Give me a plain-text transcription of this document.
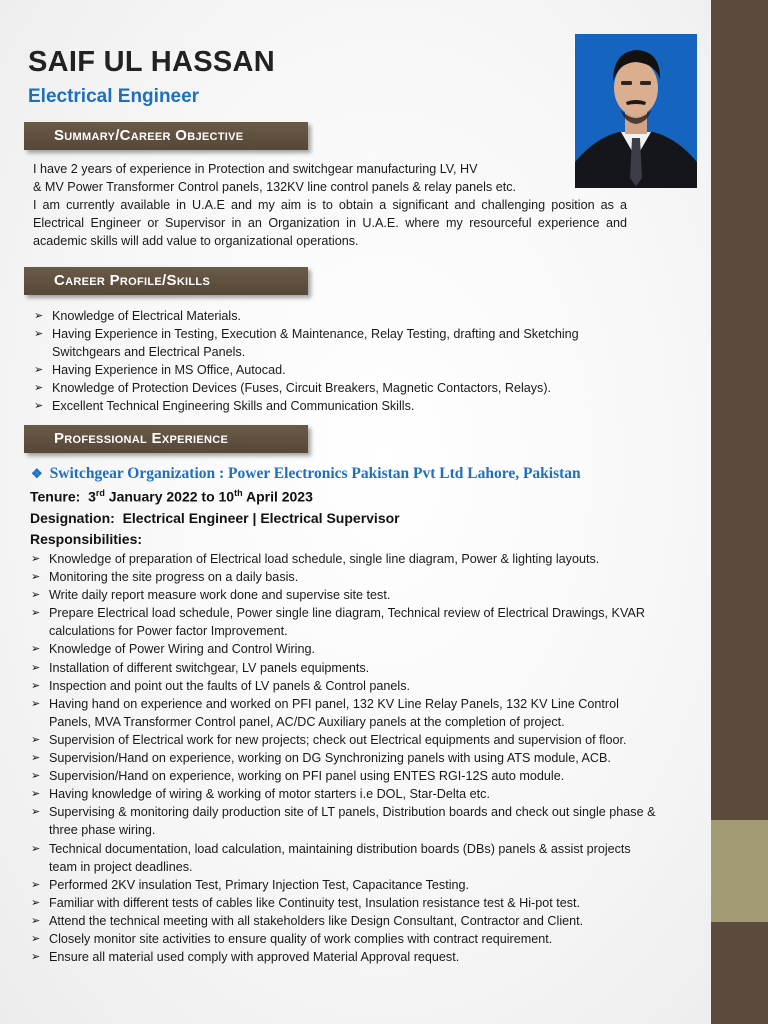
SAIF UL HASSAN
Electrical Engineer
Summary/Career Objective

I have 2 years of experience in Protection and switchgear manufacturing LV, HV

& MV Power Transformer Control panels, 132KV line control panels & relay panels etc.

I am currently available in U.A.E and my aim is to obtain a significant and challenging position as a Electrical Engineer or Supervisor in an Organization in U.A.E. where my resourceful experience and academic skills will add value to organizational operations.

Career Profile/Skills
➢ Knowledge of Electrical Materials.
➢ Having Experience in Testing, Execution & Maintenance, Relay Testing, drafting and Sketching Switchgears and Electrical Panels.
➢ Having Experience in MS Office, Autocad.
➢ Knowledge of Protection Devices (Fuses, Circuit Breakers, Magnetic Contactors, Relays).
➢ Excellent Technical Engineering Skills and Communication Skills.
Professional Experience
❖ Switchgear Organization : Power Electronics Pakistan Pvt Ltd Lahore, Pakistan
Tenure: 3rd January 2022 to 10th April 2023
Designation: Electrical Engineer | Electrical Supervisor
Responsibilities:
➢ Knowledge of preparation of Electrical load schedule, single line diagram, Power & lighting layouts.
➢ Monitoring the site progress on a daily basis.
➢ Write daily report measure work done and supervise site test.
➢ Prepare Electrical load schedule, Power single line diagram, Technical review of Electrical Drawings, KVAR calculations for Power factor Improvement.
➢ Knowledge of Power Wiring and Control Wiring.
➢ Installation of different switchgear, LV panels equipments.
➢ Inspection and point out the faults of LV panels & Control panels.
➢ Having hand on experience and worked on PFI panel, 132 KV Line Relay Panels, 132 KV Line Control Panels, MVA Transformer Control panel, AC/DC Auxiliary panels at the completion of project.
➢ Supervision of Electrical work for new projects; check out Electrical equipments and supervision of floor.
➢ Supervision/Hand on experience, working on DG Synchronizing panels with using ATS module, ACB.
➢ Supervision/Hand on experience, working on PFI panel using ENTES RGI-12S auto module.
➢ Having knowledge of wiring & working of motor starters i.e DOL, Star-Delta etc.
➢ Supervising & monitoring daily production site of LT panels, Distribution boards and check out single phase & three phase wiring.
➢ Technical documentation, load calculation, maintaining distribution boards (DBs) panels & assist projects team in project deadlines.
➢ Performed 2KV insulation Test, Primary Injection Test, Capacitance Testing.
➢ Familiar with different tests of cables like Continuity test, Insulation resistance test & Hi-pot test.
➢ Attend the technical meeting with all stakeholders like Design Consultant, Contractor and Client.
➢ Closely monitor site activities to ensure quality of work complies with contract requirement.
➢ Ensure all material used comply with approved Material Approval request.
